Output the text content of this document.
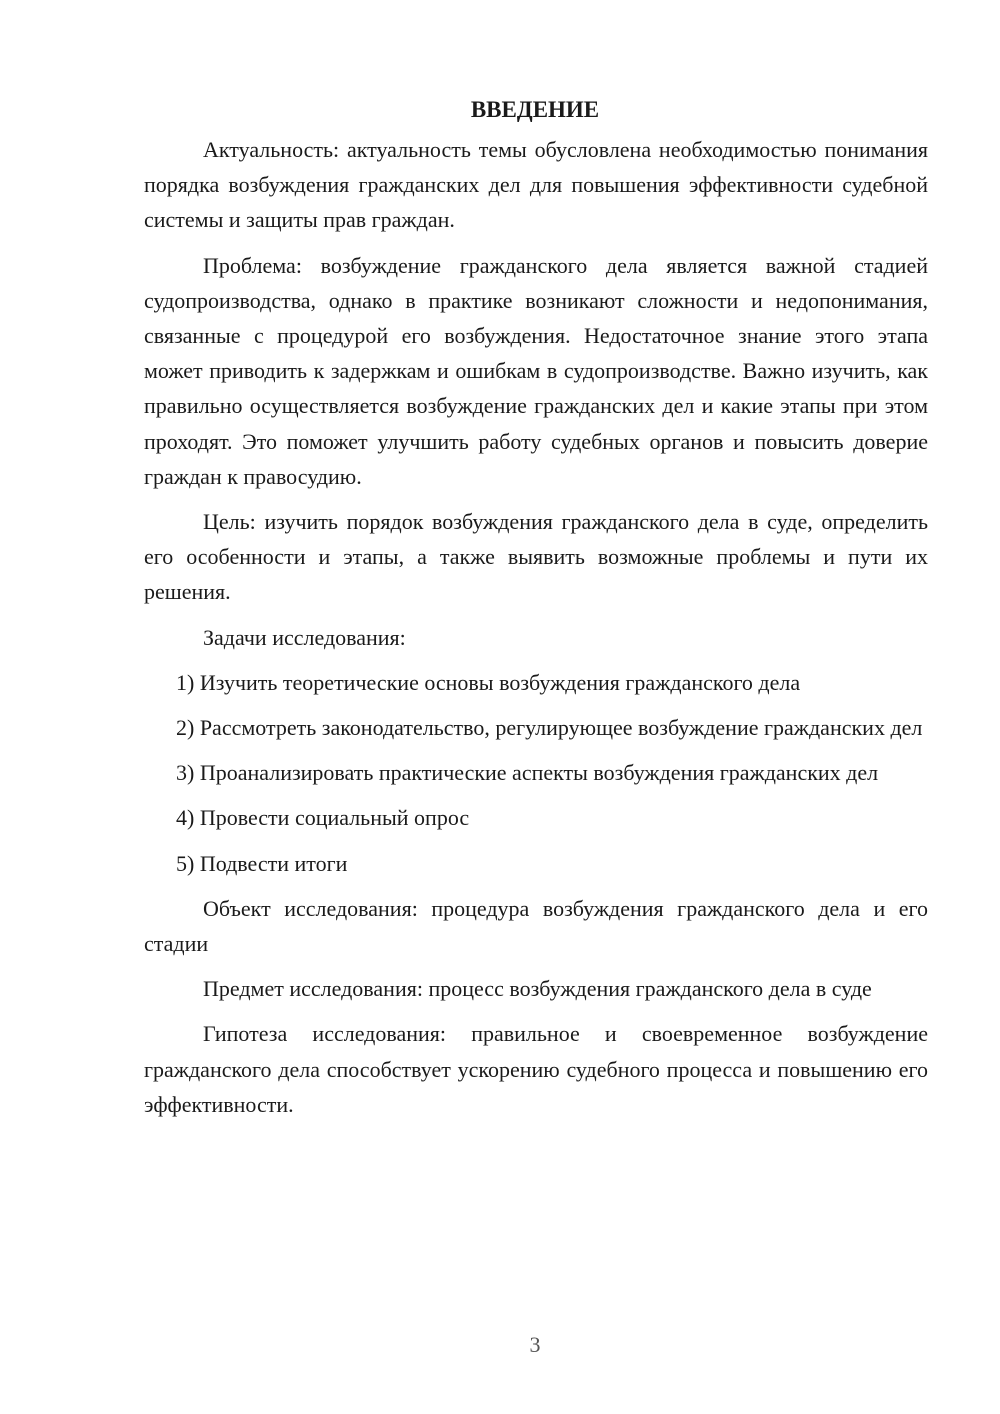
ВВЕДЕНИЕ

Актуальность: актуальность темы обусловлена необходимостью понимания порядка возбуждения гражданских дел для повышения эффективности судебной системы и защиты прав граждан.

Проблема: возбуждение гражданского дела является важной стадией судопроизводства, однако в практике возникают сложности и недопонимания, связанные с процедурой его возбуждения. Недостаточное знание этого этапа может приводить к задержкам и ошибкам в судопроизводстве. Важно изучить, как правильно осуществляется возбуждение гражданских дел и какие этапы при этом проходят. Это поможет улучшить работу судебных органов и повысить доверие граждан к правосудию.

Цель: изучить порядок возбуждения гражданского дела в суде, определить его особенности и этапы, а также выявить возможные проблемы и пути их решения.

Задачи исследования:

1) Изучить теоретические основы возбуждения гражданского дела

2) Рассмотреть законодательство, регулирующее возбуждение гражданских дел

3) Проанализировать практические аспекты возбуждения гражданских дел

4) Провести социальный опрос

5) Подвести итоги

Объект исследования: процедура возбуждения гражданского дела и его стадии

Предмет исследования: процесс возбуждения гражданского дела в суде

Гипотеза исследования: правильное и своевременное возбуждение гражданского дела способствует ускорению судебного процесса и повышению его эффективности.

3
